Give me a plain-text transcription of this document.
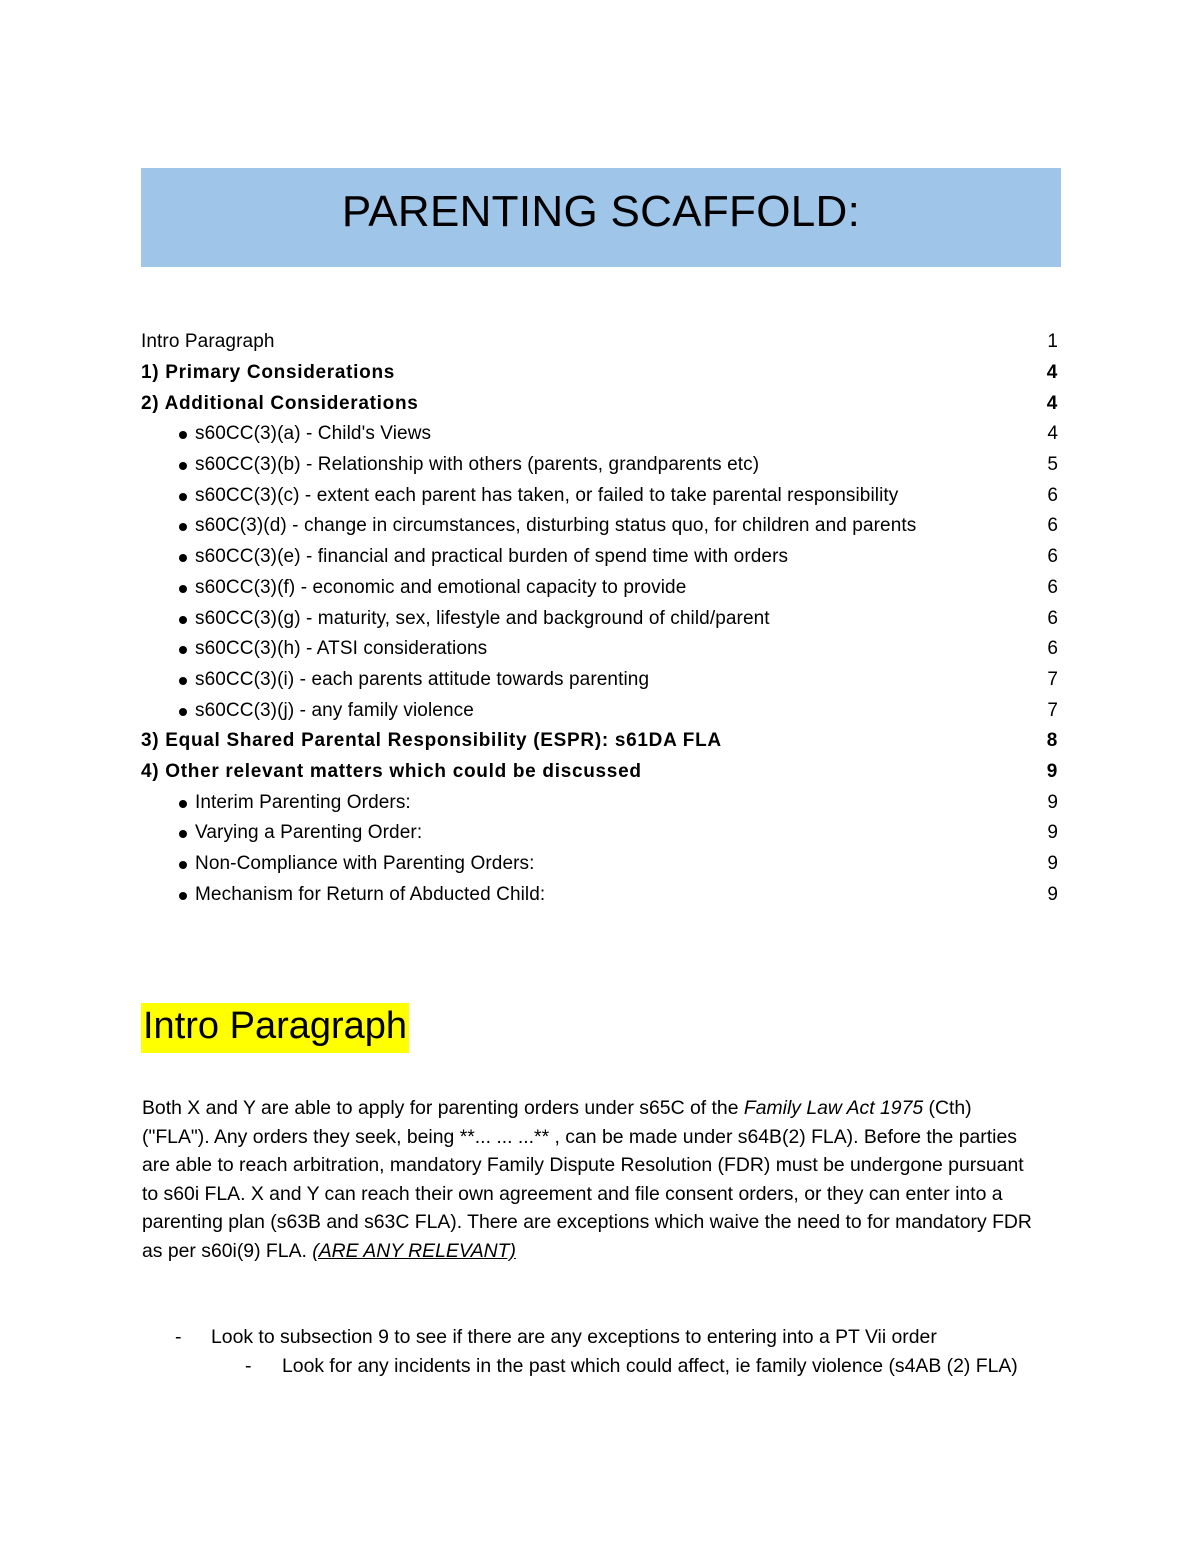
PARENTING SCAFFOLD:
Intro Paragraph	1
1) Primary Considerations	4
2) Additional Considerations	4
s60CC(3)(a) - Child's Views	4
s60CC(3)(b) - Relationship with others (parents, grandparents etc)	5
s60CC(3)(c) - extent each parent has taken, or failed to take parental responsibility	6
s60C(3)(d) - change in circumstances, disturbing status quo, for children and parents	6
s60CC(3)(e) - financial and practical burden of spend time with orders	6
s60CC(3)(f) - economic and emotional capacity to provide	6
s60CC(3)(g) - maturity, sex, lifestyle and background of child/parent	6
s60CC(3)(h) - ATSI considerations	6
s60CC(3)(i) - each parents attitude towards parenting	7
s60CC(3)(j) - any family violence	7
3) Equal Shared Parental Responsibility (ESPR): s61DA FLA	8
4) Other relevant matters which could be discussed	9
Interim Parenting Orders:	9
Varying a Parenting Order:	9
Non-Compliance with Parenting Orders:	9
Mechanism for Return of Abducted Child:	9
Intro Paragraph
Both X and Y are able to apply for parenting orders under s65C of the Family Law Act 1975 (Cth) ("FLA"). Any orders they seek, being **... ... ...** , can be made under s64B(2) FLA). Before the parties are able to reach arbitration, mandatory Family Dispute Resolution (FDR) must be undergone pursuant to s60i FLA. X and Y can reach their own agreement and file consent orders, or they can enter into a parenting plan (s63B and s63C FLA). There are exceptions which waive the need to for mandatory FDR as per s60i(9) FLA. (ARE ANY RELEVANT)
- Look to subsection 9 to see if there are any exceptions to entering into a PT Vii order
- Look for any incidents in the past which could affect, ie family violence (s4AB (2) FLA)
